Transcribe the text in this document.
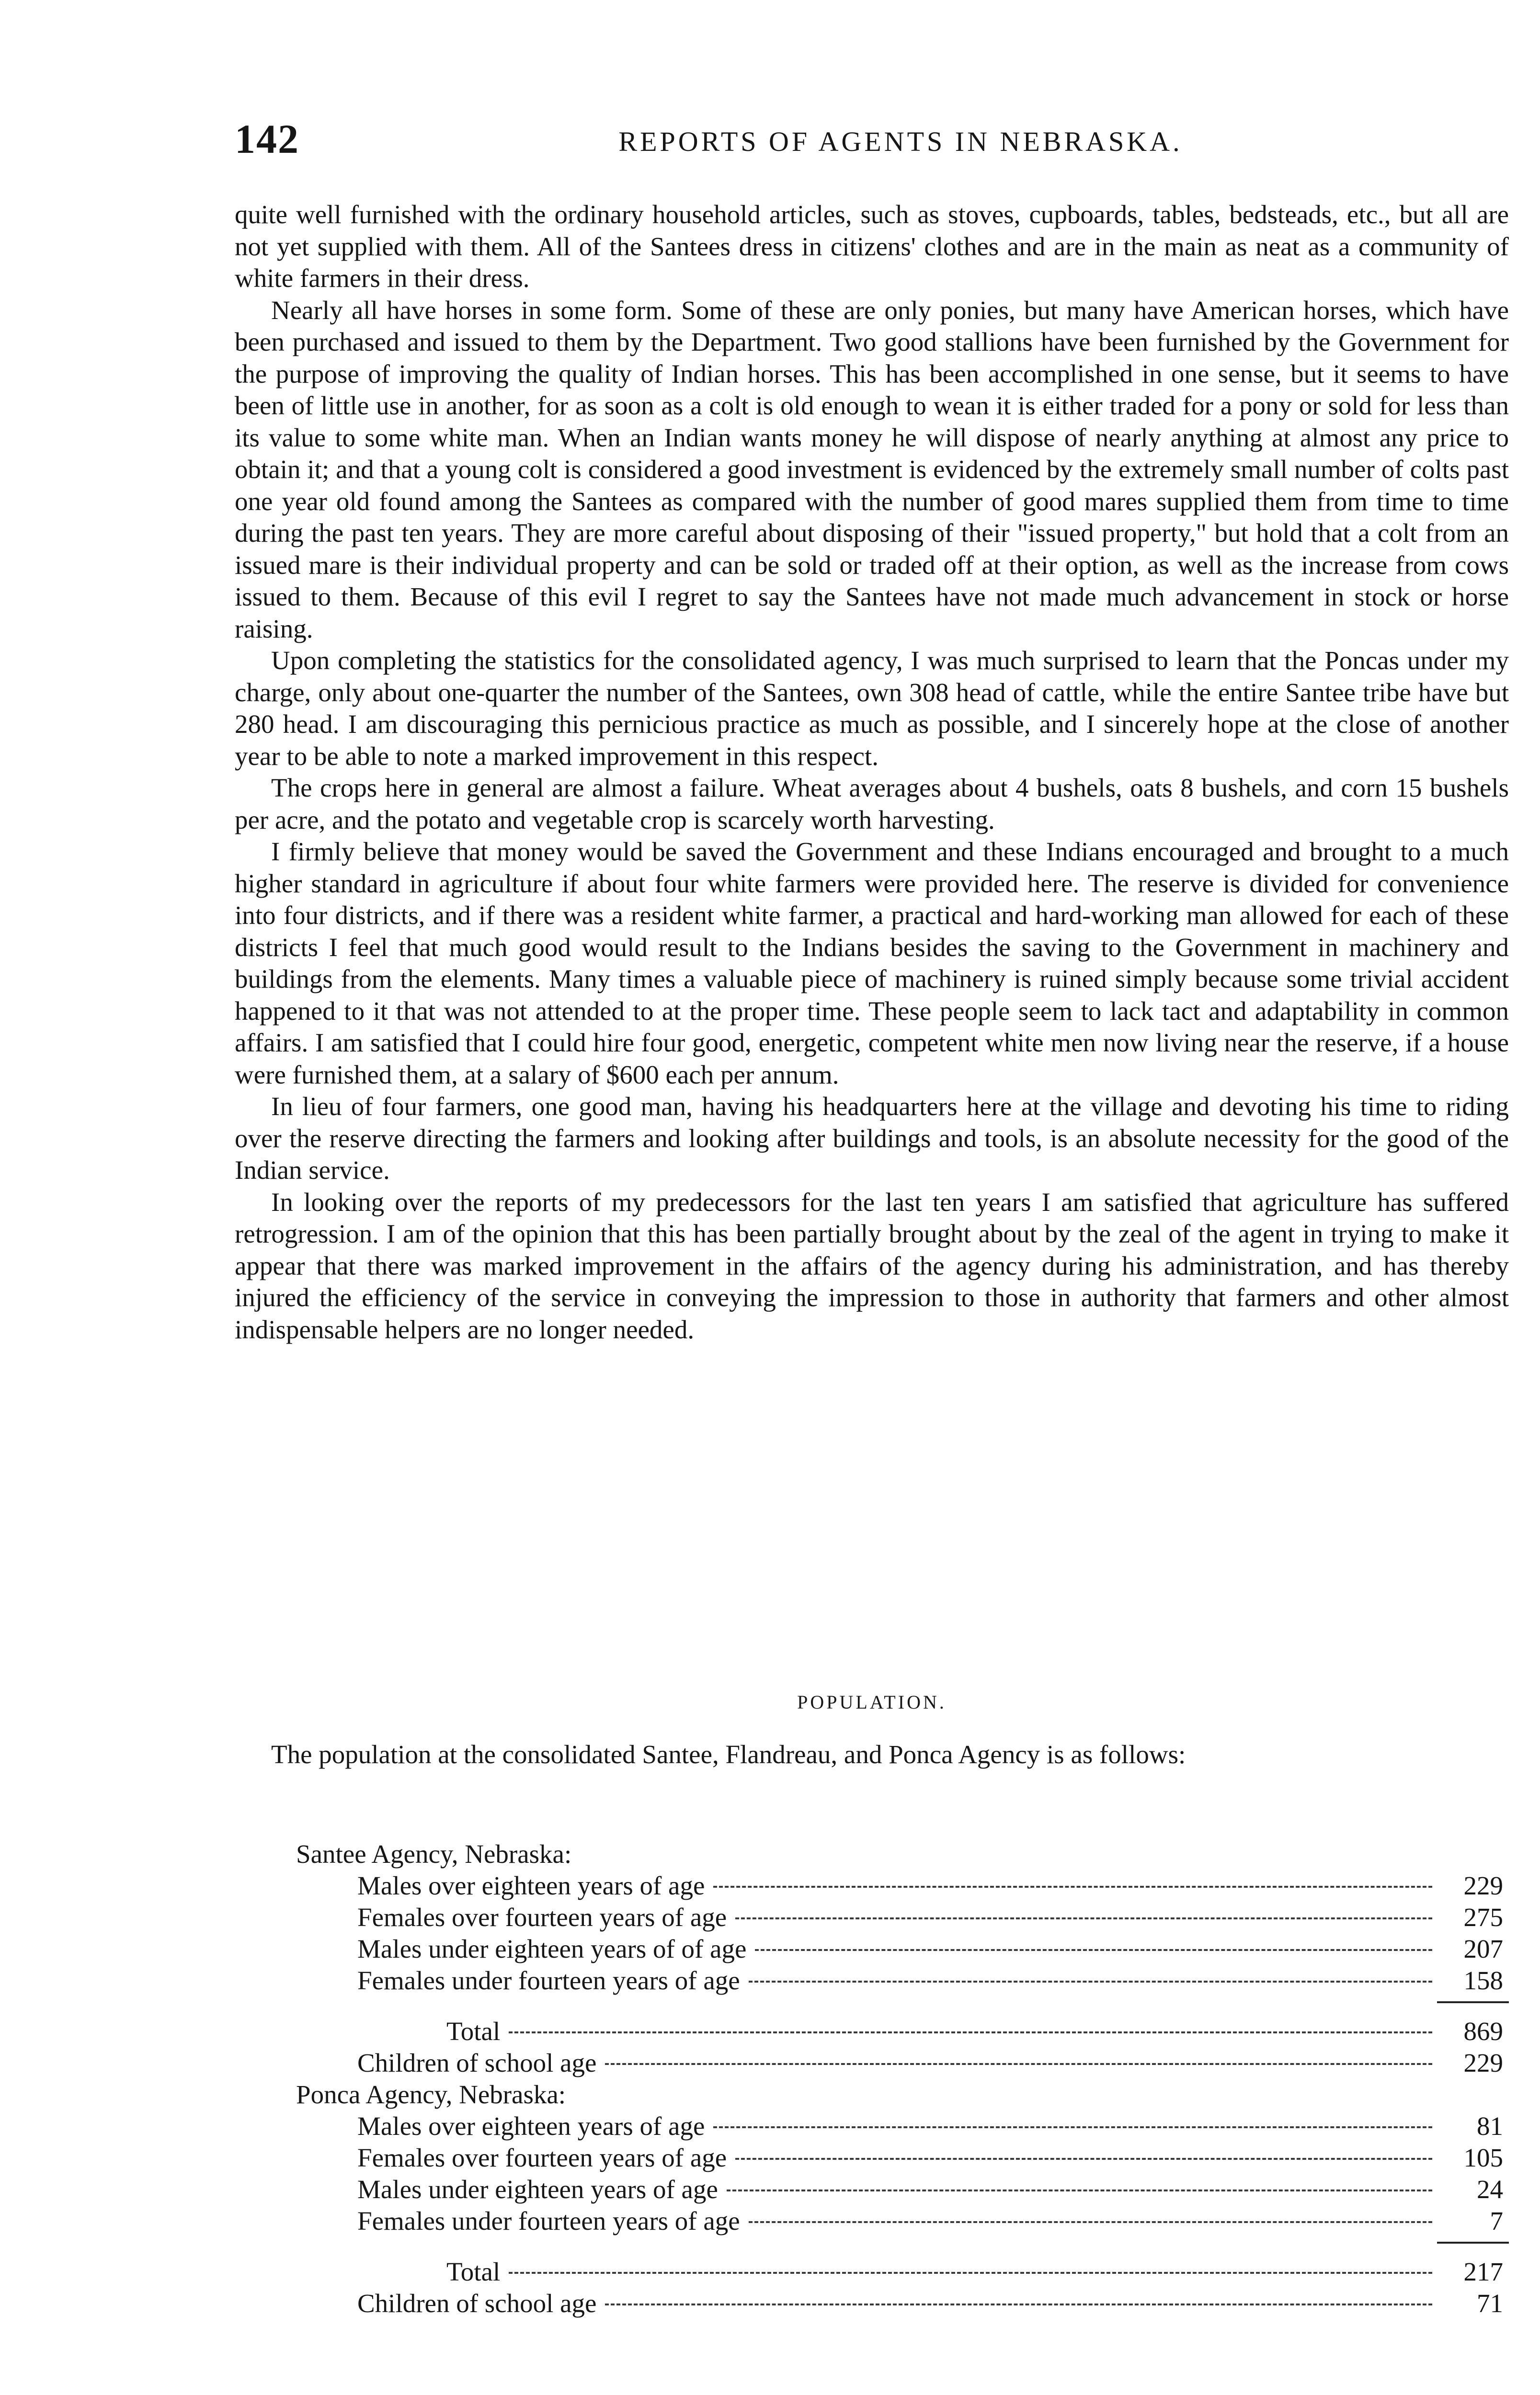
142	REPORTS OF AGENTS IN NEBRASKA.

quite well furnished with the ordinary household articles, such as stoves, cupboards, tables, bedsteads, etc., but all are not yet supplied with them. All of the Santees dress in citizens' clothes and are in the main as neat as a community of white farmers in their dress.

Nearly all have horses in some form. Some of these are only ponies, but many have American horses, which have been purchased and issued to them by the Department. Two good stallions have been furnished by the Government for the purpose of improving the quality of Indian horses. This has been accomplished in one sense, but it seems to have been of little use in another, for as soon as a colt is old enough to wean it is either traded for a pony or sold for less than its value to some white man. When an Indian wants money he will dispose of nearly anything at almost any price to obtain it; and that a young colt is considered a good investment is evidenced by the extremely small number of colts past one year old found among the Santees as compared with the number of good mares supplied them from time to time during the past ten years. They are more careful about disposing of their "issued property," but hold that a colt from an issued mare is their individual property and can be sold or traded off at their option, as well as the increase from cows issued to them. Because of this evil I regret to say the Santees have not made much advancement in stock or horse raising.

Upon completing the statistics for the consolidated agency, I was much surprised to learn that the Poncas under my charge, only about one-quarter the number of the Santees, own 308 head of cattle, while the entire Santee tribe have but 280 head. I am discouraging this pernicious practice as much as possible, and I sincerely hope at the close of another year to be able to note a marked improvement in this respect.

The crops here in general are almost a failure. Wheat averages about 4 bushels, oats 8 bushels, and corn 15 bushels per acre, and the potato and vegetable crop is scarcely worth harvesting.

I firmly believe that money would be saved the Government and these Indians encouraged and brought to a much higher standard in agriculture if about four white farmers were provided here. The reserve is divided for convenience into four districts, and if there was a resident white farmer, a practical and hard-working man allowed for each of these districts I feel that much good would result to the Indians besides the saving to the Government in machinery and buildings from the elements. Many times a valuable piece of machinery is ruined simply because some trivial accident happened to it that was not attended to at the proper time. These people seem to lack tact and adaptability in common affairs. I am satisfied that I could hire four good, energetic, competent white men now living near the reserve, if a house were furnished them, at a salary of $600 each per annum.

In lieu of four farmers, one good man, having his headquarters here at the village and devoting his time to riding over the reserve directing the farmers and looking after buildings and tools, is an absolute necessity for the good of the Indian service.

In looking over the reports of my predecessors for the last ten years I am satisfied that agriculture has suffered retrogression. I am of the opinion that this has been partially brought about by the zeal of the agent in trying to make it appear that there was marked improvement in the affairs of the agency during his administration, and has thereby injured the efficiency of the service in conveying the impression to those in authority that farmers and other almost indispensable helpers are no longer needed.

POPULATION.
The population at the consolidated Santee, Flandreau, and Ponca Agency is as follows:
Santee Agency, Nebraska:
Males over eighteen years of age	229
Females over fourteen years of age	275
Males under eighteen years of of age	207
Females under fourteen years of age	158
Total	869
Children of school age	229
Ponca Agency, Nebraska:
Males over eighteen years of age	81
Females over fourteen years of age	105
Males under eighteen years of age	24
Females under fourteen years of age	7
Total	217
Children of school age	71
